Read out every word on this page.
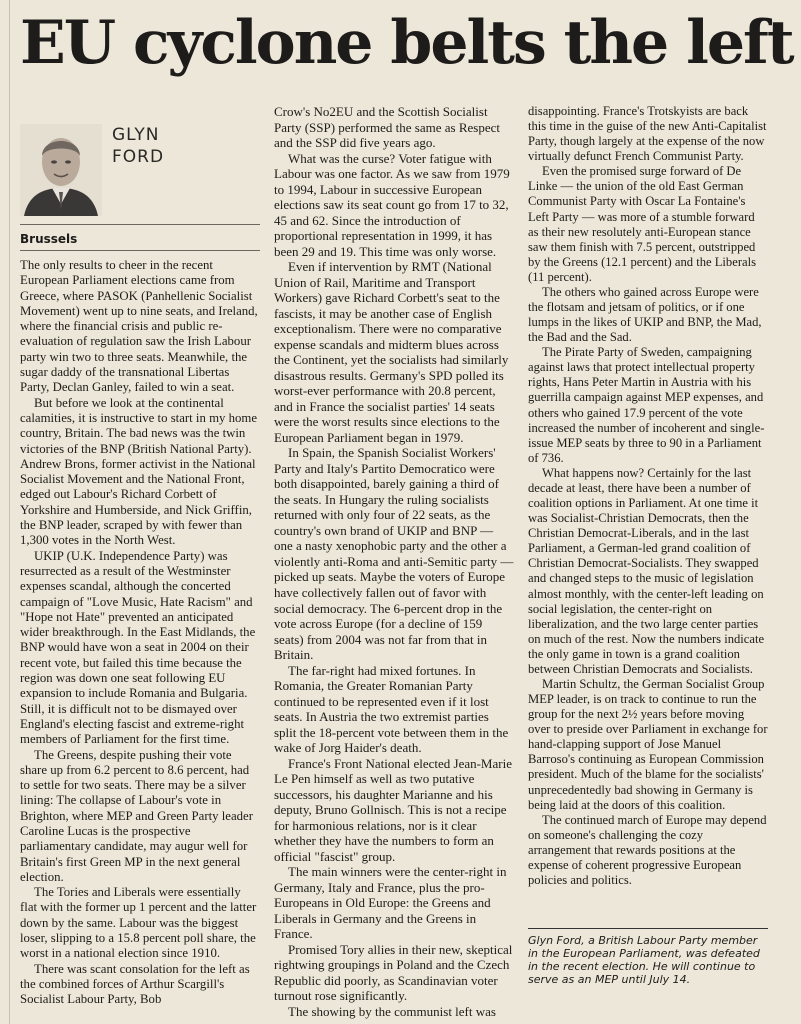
EU cyclone belts the left
GLYN
FORD
Brussels

The only results to cheer in the recent European Parliament elections came from Greece, where PASOK (Panhellenic Socialist Movement) went up to nine seats, and Ireland, where the financial crisis and public re-evaluation of regulation saw the Irish Labour party win two to three seats. Meanwhile, the sugar daddy of the transnational Libertas Party, Declan Ganley, failed to win a seat.

But before we look at the continental calamities, it is instructive to start in my home country, Britain. The bad news was the twin victories of the BNP (British National Party). Andrew Brons, former activist in the National Socialist Movement and the National Front, edged out Labour's Richard Corbett of Yorkshire and Humberside, and Nick Griffin, the BNP leader, scraped by with fewer than 1,300 votes in the North West.

UKIP (U.K. Independence Party) was resurrected as a result of the Westminster expenses scandal, although the concerted campaign of "Love Music, Hate Racism" and "Hope not Hate" prevented an anticipated wider breakthrough. In the East Midlands, the BNP would have won a seat in 2004 on their recent vote, but failed this time because the region was down one seat following EU expansion to include Romania and Bulgaria. Still, it is difficult not to be dismayed over England's electing fascist and extreme-right members of Parliament for the first time.

The Greens, despite pushing their vote share up from 6.2 percent to 8.6 percent, had to settle for two seats. There may be a silver lining: The collapse of Labour's vote in Brighton, where MEP and Green Party leader Caroline Lucas is the prospective parliamentary candidate, may augur well for Britain's first Green MP in the next general election.

The Tories and Liberals were essentially flat with the former up 1 percent and the latter down by the same. Labour was the biggest loser, slipping to a 15.8 percent poll share, the worst in a national election since 1910.

There was scant consolation for the left as the combined forces of Arthur Scargill's Socialist Labour Party, Bob

Crow's No2EU and the Scottish Socialist Party (SSP) performed the same as Respect and the SSP did five years ago.

What was the curse? Voter fatigue with Labour was one factor. As we saw from 1979 to 1994, Labour in successive European elections saw its seat count go from 17 to 32, 45 and 62. Since the introduction of proportional representation in 1999, it has been 29 and 19. This time was only worse.

Even if intervention by RMT (National Union of Rail, Maritime and Transport Workers) gave Richard Corbett's seat to the fascists, it may be another case of English exceptionalism. There were no comparative expense scandals and midterm blues across the Continent, yet the socialists had similarly disastrous results. Germany's SPD polled its worst-ever performance with 20.8 percent, and in France the socialist parties' 14 seats were the worst results since elections to the European Parliament began in 1979.

In Spain, the Spanish Socialist Workers' Party and Italy's Partito Democratico were both disappointed, barely gaining a third of the seats. In Hungary the ruling socialists returned with only four of 22 seats, as the country's own brand of UKIP and BNP — one a nasty xenophobic party and the other a violently anti-Roma and anti-Semitic party — picked up seats. Maybe the voters of Europe have collectively fallen out of favor with social democracy. The 6-percent drop in the vote across Europe (for a decline of 159 seats) from 2004 was not far from that in Britain.

The far-right had mixed fortunes. In Romania, the Greater Romanian Party continued to be represented even if it lost seats. In Austria the two extremist parties split the 18-percent vote between them in the wake of Jorg Haider's death.

France's Front National elected Jean-Marie Le Pen himself as well as two putative successors, his daughter Marianne and his deputy, Bruno Gollnisch. This is not a recipe for harmonious relations, nor is it clear whether they have the numbers to form an official "fascist" group.

The main winners were the center-right in Germany, Italy and France, plus the pro-Europeans in Old Europe: the Greens and Liberals in Germany and the Greens in France.

Promised Tory allies in their new, skeptical rightwing groupings in Poland and the Czech Republic did poorly, as Scandinavian voter turnout rose significantly.

The showing by the communist left was

disappointing. France's Trotskyists are back this time in the guise of the new Anti-Capitalist Party, though largely at the expense of the now virtually defunct French Communist Party.

Even the promised surge forward of De Linke — the union of the old East German Communist Party with Oscar La Fontaine's Left Party — was more of a stumble forward as their new resolutely anti-European stance saw them finish with 7.5 percent, outstripped by the Greens (12.1 percent) and the Liberals (11 percent).

The others who gained across Europe were the flotsam and jetsam of politics, or if one lumps in the likes of UKIP and BNP, the Mad, the Bad and the Sad.

The Pirate Party of Sweden, campaigning against laws that protect intellectual property rights, Hans Peter Martin in Austria with his guerrilla campaign against MEP expenses, and others who gained 17.9 percent of the vote increased the number of incoherent and single-issue MEP seats by three to 90 in a Parliament of 736.

What happens now? Certainly for the last decade at least, there have been a number of coalition options in Parliament. At one time it was Socialist-Christian Democrats, then the Christian Democrat-Liberals, and in the last Parliament, a German-led grand coalition of Christian Democrat-Socialists. They swapped and changed steps to the music of legislation almost monthly, with the center-left leading on social legislation, the center-right on liberalization, and the two large center parties on much of the rest. Now the numbers indicate the only game in town is a grand coalition between Christian Democrats and Socialists.

Martin Schultz, the German Socialist Group MEP leader, is on track to continue to run the group for the next 2½ years before moving over to preside over Parliament in exchange for hand-clapping support of Jose Manuel Barroso's continuing as European Commission president. Much of the blame for the socialists' unprecedentedly bad showing in Germany is being laid at the doors of this coalition.

The continued march of Europe may depend on someone's challenging the cozy arrangement that rewards positions at the expense of coherent progressive European policies and politics.

Glyn Ford, a British Labour Party member in the European Parliament, was defeated in the recent election. He will continue to serve as an MEP until July 14.
